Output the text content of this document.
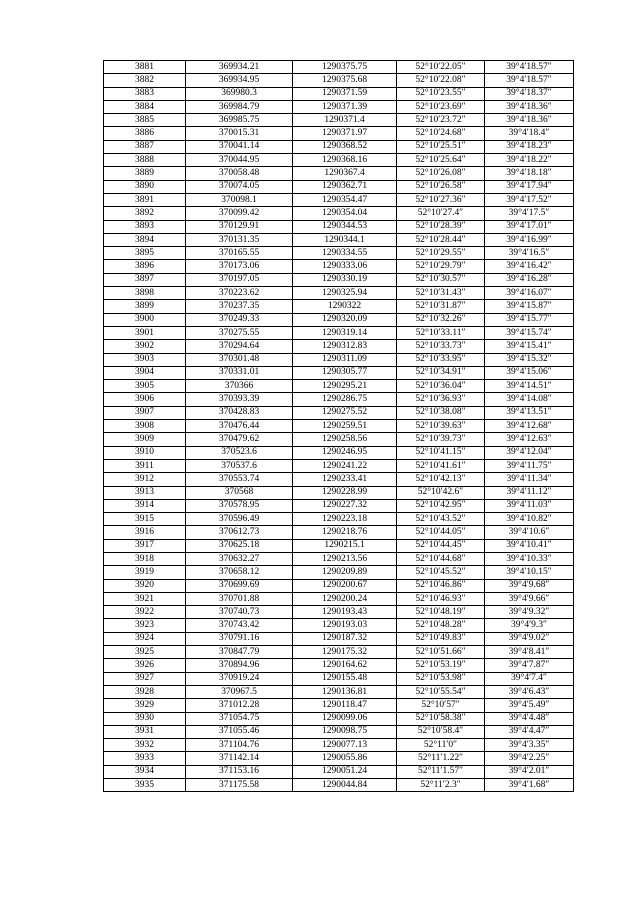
3881	369934.21	1290375.75	52°10′22.05″	39°4′18.57″
3882	369934.95	1290375.68	52°10′22.08″	39°4′18.57″
3883	369980.3	1290371.59	52°10′23.55″	39°4′18.37″
3884	369984.79	1290371.39	52°10′23.69″	39°4′18.36″
3885	369985.75	1290371.4	52°10′23.72″	39°4′18.36″
3886	370015.31	1290371.97	52°10′24.68″	39°4′18.4″
3887	370041.14	1290368.52	52°10′25.51″	39°4′18.23″
3888	370044.95	1290368.16	52°10′25.64″	39°4′18.22″
3889	370058.48	1290367.4	52°10′26.08″	39°4′18.18″
3890	370074.05	1290362.71	52°10′26.58″	39°4′17.94″
3891	370098.1	1290354.47	52°10′27.36″	39°4′17.52″
3892	370099.42	1290354.04	52°10′27.4″	39°4′17.5″
3893	370129.91	1290344.53	52°10′28.39″	39°4′17.01″
3894	370131.35	1290344.1	52°10′28.44″	39°4′16.99″
3895	370165.55	1290334.55	52°10′29.55″	39°4′16.5″
3896	370173.06	1290333.06	52°10′29.79″	39°4′16.42″
3897	370197.05	1290330.19	52°10′30.57″	39°4′16.28″
3898	370223.62	1290325.94	52°10′31.43″	39°4′16.07″
3899	370237.35	1290322	52°10′31.87″	39°4′15.87″
3900	370249.33	1290320.09	52°10′32.26″	39°4′15.77″
3901	370275.55	1290319.14	52°10′33.11″	39°4′15.74″
3902	370294.64	1290312.83	52°10′33.73″	39°4′15.41″
3903	370301.48	1290311.09	52°10′33.95″	39°4′15.32″
3904	370331.01	1290305.77	52°10′34.91″	39°4′15.06″
3905	370366	1290295.21	52°10′36.04″	39°4′14.51″
3906	370393.39	1290286.75	52°10′36.93″	39°4′14.08″
3907	370428.83	1290275.52	52°10′38.08″	39°4′13.51″
3908	370476.44	1290259.51	52°10′39.63″	39°4′12.68″
3909	370479.62	1290258.56	52°10′39.73″	39°4′12.63″
3910	370523.6	1290246.95	52°10′41.15″	39°4′12.04″
3911	370537.6	1290241.22	52°10′41.61″	39°4′11.75″
3912	370553.74	1290233.41	52°10′42.13″	39°4′11.34″
3913	370568	1290228.99	52°10′42.6″	39°4′11.12″
3914	370578.95	1290227.32	52°10′42.95″	39°4′11.03″
3915	370596.49	1290223.18	52°10′43.52″	39°4′10.82″
3916	370612.73	1290218.76	52°10′44.05″	39°4′10.6″
3917	370625.18	1290215.1	52°10′44.45″	39°4′10.41″
3918	370632.27	1290213.56	52°10′44.68″	39°4′10.33″
3919	370658.12	1290209.89	52°10′45.52″	39°4′10.15″
3920	370699.69	1290200.67	52°10′46.86″	39°4′9.68″
3921	370701.88	1290200.24	52°10′46.93″	39°4′9.66″
3922	370740.73	1290193.43	52°10′48.19″	39°4′9.32″
3923	370743.42	1290193.03	52°10′48.28″	39°4′9.3″
3924	370791.16	1290187.32	52°10′49.83″	39°4′9.02″
3925	370847.79	1290175.32	52°10′51.66″	39°4′8.41″
3926	370894.96	1290164.62	52°10′53.19″	39°4′7.87″
3927	370919.24	1290155.48	52°10′53.98″	39°4′7.4″
3928	370967.5	1290136.81	52°10′55.54″	39°4′6.43″
3929	371012.28	1290118.47	52°10′57″	39°4′5.49″
3930	371054.75	1290099.06	52°10′58.38″	39°4′4.48″
3931	371055.46	1290098.75	52°10′58.4″	39°4′4.47″
3932	371104.76	1290077.13	52°11′0″	39°4′3.35″
3933	371142.14	1290055.86	52°11′1.22″	39°4′2.25″
3934	371153.16	1290051.24	52°11′1.57″	39°4′2.01″
3935	371175.58	1290044.84	52°11′2.3″	39°4′1.68″
